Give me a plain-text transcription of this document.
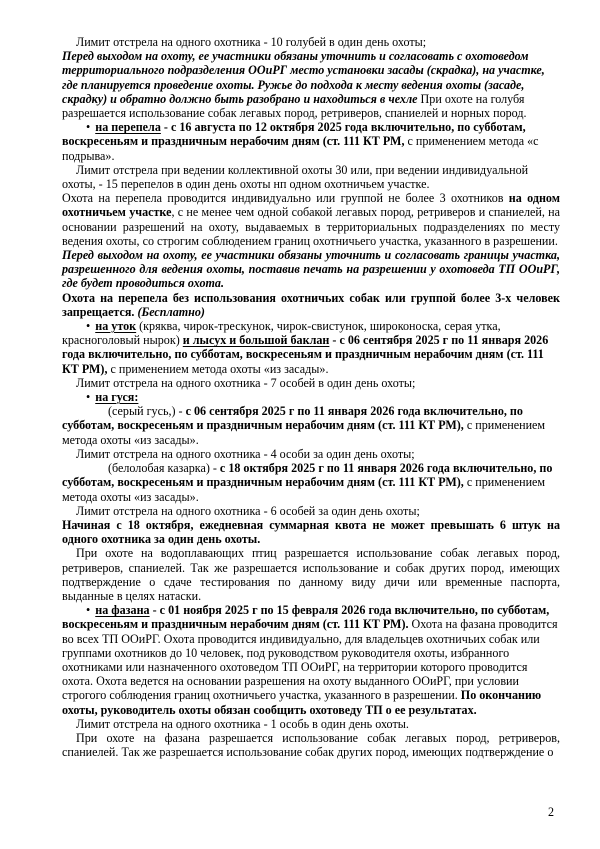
Лимит отстрела на одного охотника - 10 голубей в один день охоты;

Перед выходом на охоту, ее участники обязаны уточнить и согласовать с охотоведом территориального подразделения ООиРГ место установки засады (скрадка), на участке, где планируется проведение охоты. Ружье до подхода к месту ведения охоты (засаде, скрадку) и обратно должно быть разобрано и находиться в чехле При охоте на голубя разрешается использование собак легавых пород, ретриверов, спаниелей и норных пород.

• на перепела - с 16 августа по 12 октября 2025 года включительно, по субботам, воскресеньям и праздничным нерабочим дням (ст. 111 КТ РМ, с применением метода «с подрыва».

Лимит отстрела при ведении коллективной охоты 30 или, при ведении индивидуальной охоты, - 15 перепелов в один день охоты нп одном охотничьем участке.

Охота на перепела проводится индивидуально или группой не более 3 охотников на одном охотничьем участке, с не менее чем одной собакой легавых пород, ретриверов и спаниелей, на основании разрешений на охоту, выдаваемых в территориальных подразделениях по месту ведения охоты, со строгим соблюдением границ охотничьего участка, указанного в разрешении.

Перед выходом на охоту, ее участники обязаны уточнить и согласовать границы участка, разрешенного для ведения охоты, поставив печать на разрешении у охотоведа ТП ООиРГ, где будет проводиться охота.

Охота на перепела без использования охотничьих собак или группой более 3-х человек запрещается. (Бесплатно)

• на уток (кряква, чирок-трескунок, чирок-свистунок, широконоска, серая утка, красноголовый нырок) и лысух и большой баклан - с 06 сентября 2025 г по 11 января 2026 года включительно, по субботам, воскресеньям и праздничным нерабочим дням (ст. 111 КТ РМ), с применением метода охоты «из засады».

Лимит отстрела на одного охотника - 7 особей в один день охоты;

• на гуся:

(серый гусь,) - с 06 сентября 2025 г по 11 января 2026 года включительно, по субботам, воскресеньям и праздничным нерабочим дням (ст. 111 КТ РМ), с применением метода охоты «из засады».

Лимит отстрела на одного охотника - 4 особи за один день охоты;

(белолобая казарка) - с 18 октября 2025 г по 11 января 2026 года включительно, по субботам, воскресеньям и праздничным нерабочим дням (ст. 111 КТ РМ), с применением метода охоты «из засады».

Лимит отстрела на одного охотника - 6 особей за один день охоты;

Начиная с 18 октября, ежедневная суммарная квота не может превышать 6 штук на одного охотника за один день охоты.

При охоте на водоплавающих птиц разрешается использование собак легавых пород, ретриверов, спаниелей. Так же разрешается использование и собак других пород, имеющих подтверждение о сдаче тестирования по данному виду дичи или временные паспорта, выданные в целях натаски.

• на фазана - с 01 ноября 2025 г по 15 февраля 2026 года включительно, по субботам, воскресеньям и праздничным нерабочим дням (ст. 111 КТ РМ). Охота на фазана проводится во всех ТП ООиРГ. Охота проводится индивидуально, для владельцев охотничьих собак или группами охотников до 10 человек, под руководством руководителя охоты, избранного охотниками или назначенного охотоведом ТП ООиРГ, на территории которого проводится охота. Охота ведется на основании разрешения на охоту выданного ООиРГ, при условии строгого соблюдения границ охотничьего участка, указанного в разрешении. По окончанию охоты, руководитель охоты обязан сообщить охотоведу ТП о ее результатах.

Лимит отстрела на одного охотника - 1 особь в один день охоты.

При охоте на фазана разрешается использование собак легавых пород, ретриверов, спаниелей. Так же разрешается использование собак других пород, имеющих подтверждение о

2
